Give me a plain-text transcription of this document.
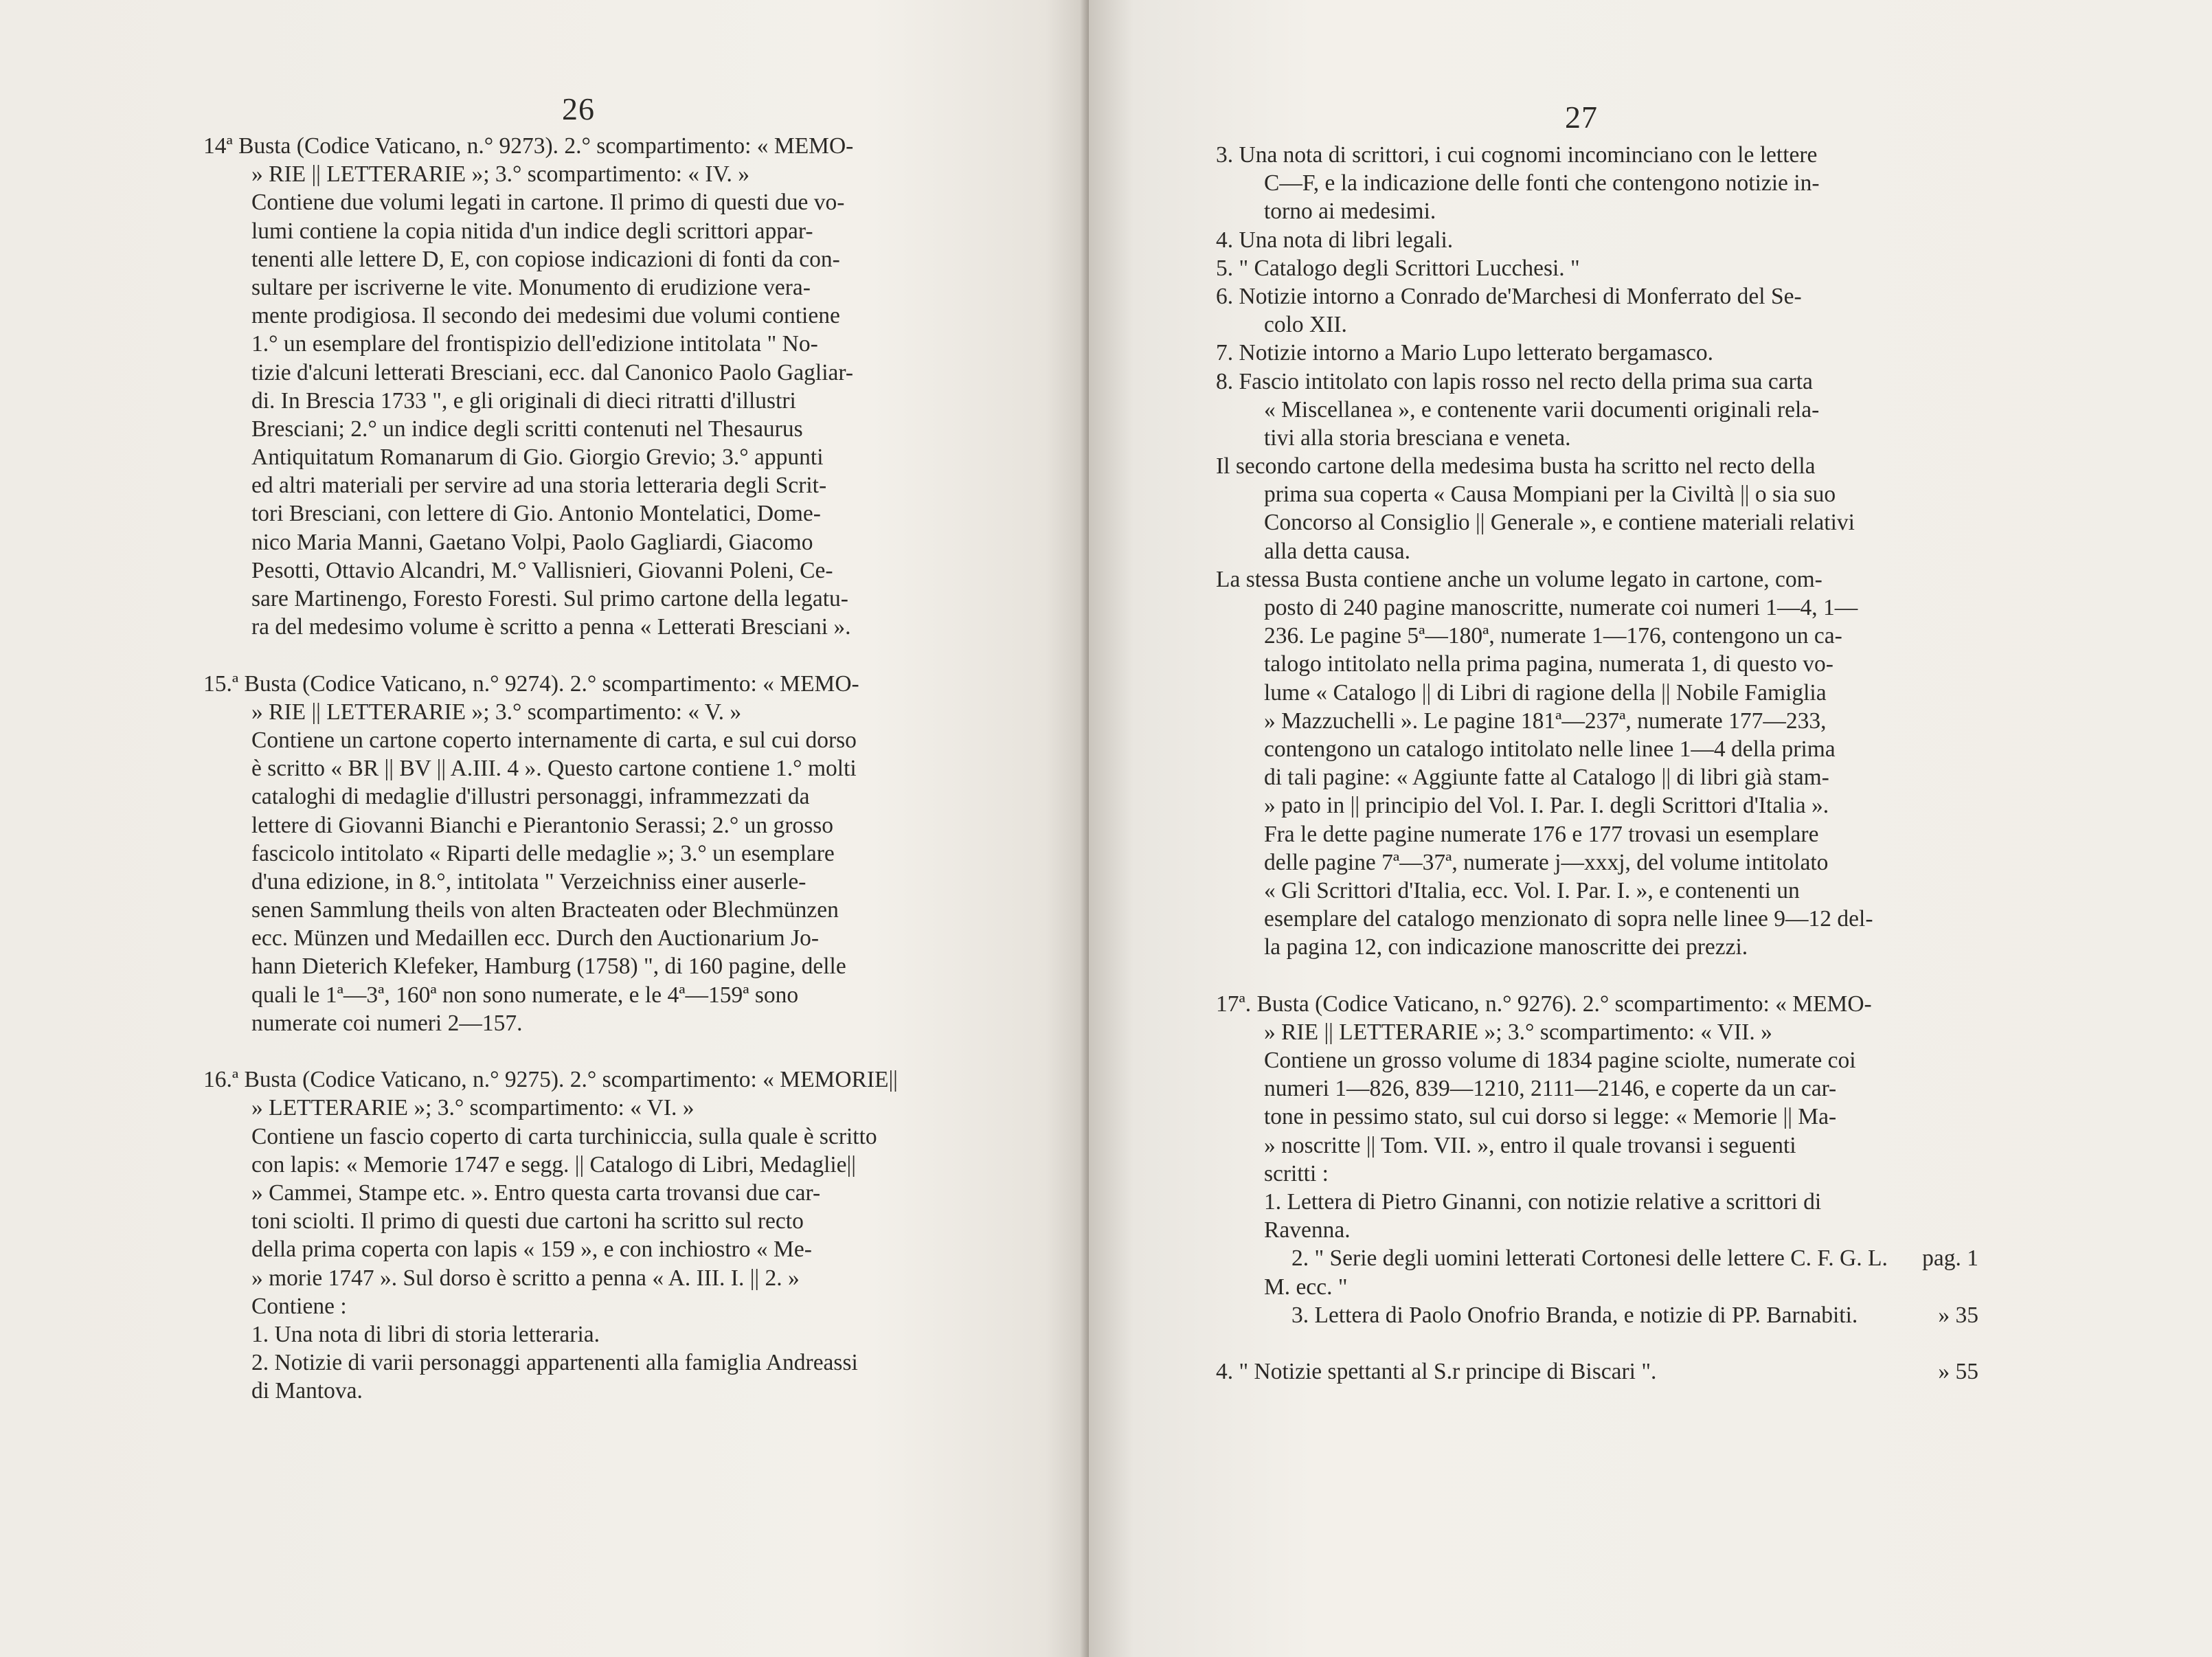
26
14ª Busta (Codice Vaticano, n.° 9273). 2.° scompartimento: « MEMO-
» RIE || LETTERARIE »; 3.° scompartimento: « IV. »
Contiene due volumi legati in cartone. Il primo di questi due vo-
lumi contiene la copia nitida d'un indice degli scrittori appar-
tenenti alle lettere D, E, con copiose indicazioni di fonti da con-
sultare per iscriverne le vite. Monumento di erudizione vera-
mente prodigiosa. Il secondo dei medesimi due volumi contiene
1.° un esemplare del frontispizio dell'edizione intitolata " No-
tizie d'alcuni letterati Bresciani, ecc. dal Canonico Paolo Gagliar-
di. In Brescia 1733 ", e gli originali di dieci ritratti d'illustri
Bresciani; 2.° un indice degli scritti contenuti nel Thesaurus
Antiquitatum Romanarum di Gio. Giorgio Grevio; 3.° appunti
ed altri materiali per servire ad una storia letteraria degli Scrit-
tori Bresciani, con lettere di Gio. Antonio Montelatici, Dome-
nico Maria Manni, Gaetano Volpi, Paolo Gagliardi, Giacomo
Pesotti, Ottavio Alcandri, M.° Vallisnieri, Giovanni Poleni, Ce-
sare Martinengo, Foresto Foresti. Sul primo cartone della legatu-
ra del medesimo volume è scritto a penna « Letterati Bresciani ».
15.ª Busta (Codice Vaticano, n.° 9274). 2.° scompartimento: « MEMO-
» RIE || LETTERARIE »; 3.° scompartimento: « V. »
Contiene un cartone coperto internamente di carta, e sul cui dorso
è scritto « BR || BV || A.III. 4 ». Questo cartone contiene 1.° molti
cataloghi di medaglie d'illustri personaggi, inframmezzati da
lettere di Giovanni Bianchi e Pierantonio Serassi; 2.° un grosso
fascicolo intitolato « Riparti delle medaglie »; 3.° un esemplare
d'una edizione, in 8.°, intitolata " Verzeichniss einer auserle-
senen Sammlung theils von alten Bracteaten oder Blechmünzen
ecc. Münzen und Medaillen ecc. Durch den Auctionarium Jo-
hann Dieterich Klefeker, Hamburg (1758) ", di 160 pagine, delle
quali le 1ª—3ª, 160ª non sono numerate, e le 4ª—159ª sono
numerate coi numeri 2—157.
16.ª Busta (Codice Vaticano, n.° 9275). 2.° scompartimento: « MEMORIE||
» LETTERARIE »; 3.° scompartimento: « VI. »
Contiene un fascio coperto di carta turchiniccia, sulla quale è scritto
con lapis: « Memorie 1747 e segg. || Catalogo di Libri, Medaglie||
» Cammei, Stampe etc. ». Entro questa carta trovansi due car-
toni sciolti. Il primo di questi due cartoni ha scritto sul recto
della prima coperta con lapis « 159 », e con inchiostro « Me-
» morie 1747 ». Sul dorso è scritto a penna « A. III. I. || 2. »
Contiene :
1. Una nota di libri di storia letteraria.
2. Notizie di varii personaggi appartenenti alla famiglia Andreassi
di Mantova.
27
3. Una nota di scrittori, i cui cognomi incominciano con le lettere
C—F, e la indicazione delle fonti che contengono notizie in-
torno ai medesimi.
4. Una nota di libri legali.
5. " Catalogo degli Scrittori Lucchesi. "
6. Notizie intorno a Conrado de'Marchesi di Monferrato del Se-
colo XII.
7. Notizie intorno a Mario Lupo letterato bergamasco.
8. Fascio intitolato con lapis rosso nel recto della prima sua carta
« Miscellanea », e contenente varii documenti originali rela-
tivi alla storia bresciana e veneta.
Il secondo cartone della medesima busta ha scritto nel recto della
prima sua coperta « Causa Mompiani per la Civiltà || o sia suo
Concorso al Consiglio || Generale », e contiene materiali relativi
alla detta causa.
La stessa Busta contiene anche un volume legato in cartone, com-
posto di 240 pagine manoscritte, numerate coi numeri 1—4, 1—
236. Le pagine 5ª—180ª, numerate 1—176, contengono un ca-
talogo intitolato nella prima pagina, numerata 1, di questo vo-
lume « Catalogo || di Libri di ragione della || Nobile Famiglia
» Mazzuchelli ». Le pagine 181ª—237ª, numerate 177—233,
contengono un catalogo intitolato nelle linee 1—4 della prima
di tali pagine: « Aggiunte fatte al Catalogo || di libri già stam-
» pato in || principio del Vol. I. Par. I. degli Scrittori d'Italia ».
Fra le dette pagine numerate 176 e 177 trovasi un esemplare
delle pagine 7ª—37ª, numerate j—xxxj, del volume intitolato
« Gli Scrittori d'Italia, ecc. Vol. I. Par. I. », e contenenti un
esemplare del catalogo menzionato di sopra nelle linee 9—12 del-
la pagina 12, con indicazione manoscritte dei prezzi.
17ª. Busta (Codice Vaticano, n.° 9276). 2.° scompartimento: « MEMO-
» RIE || LETTERARIE »; 3.° scompartimento: « VII. »
Contiene un grosso volume di 1834 pagine sciolte, numerate coi
numeri 1—826, 839—1210, 2111—2146, e coperte da un car-
tone in pessimo stato, sul cui dorso si legge: « Memorie || Ma-
» noscritte || Tom. VII. », entro il quale trovansi i seguenti
scritti :
1. Lettera di Pietro Ginanni, con notizie relative a scrittori di
Ravenna.
2. " Serie degli uomini letterati Cortonesi delle lettere C. F. G. L. pag. 1
M. ecc. "
3. Lettera di Paolo Onofrio Branda, e notizie di PP. Barnabiti.	» 35
4. " Notizie spettanti al S.r principe di Biscari ".	» 55
